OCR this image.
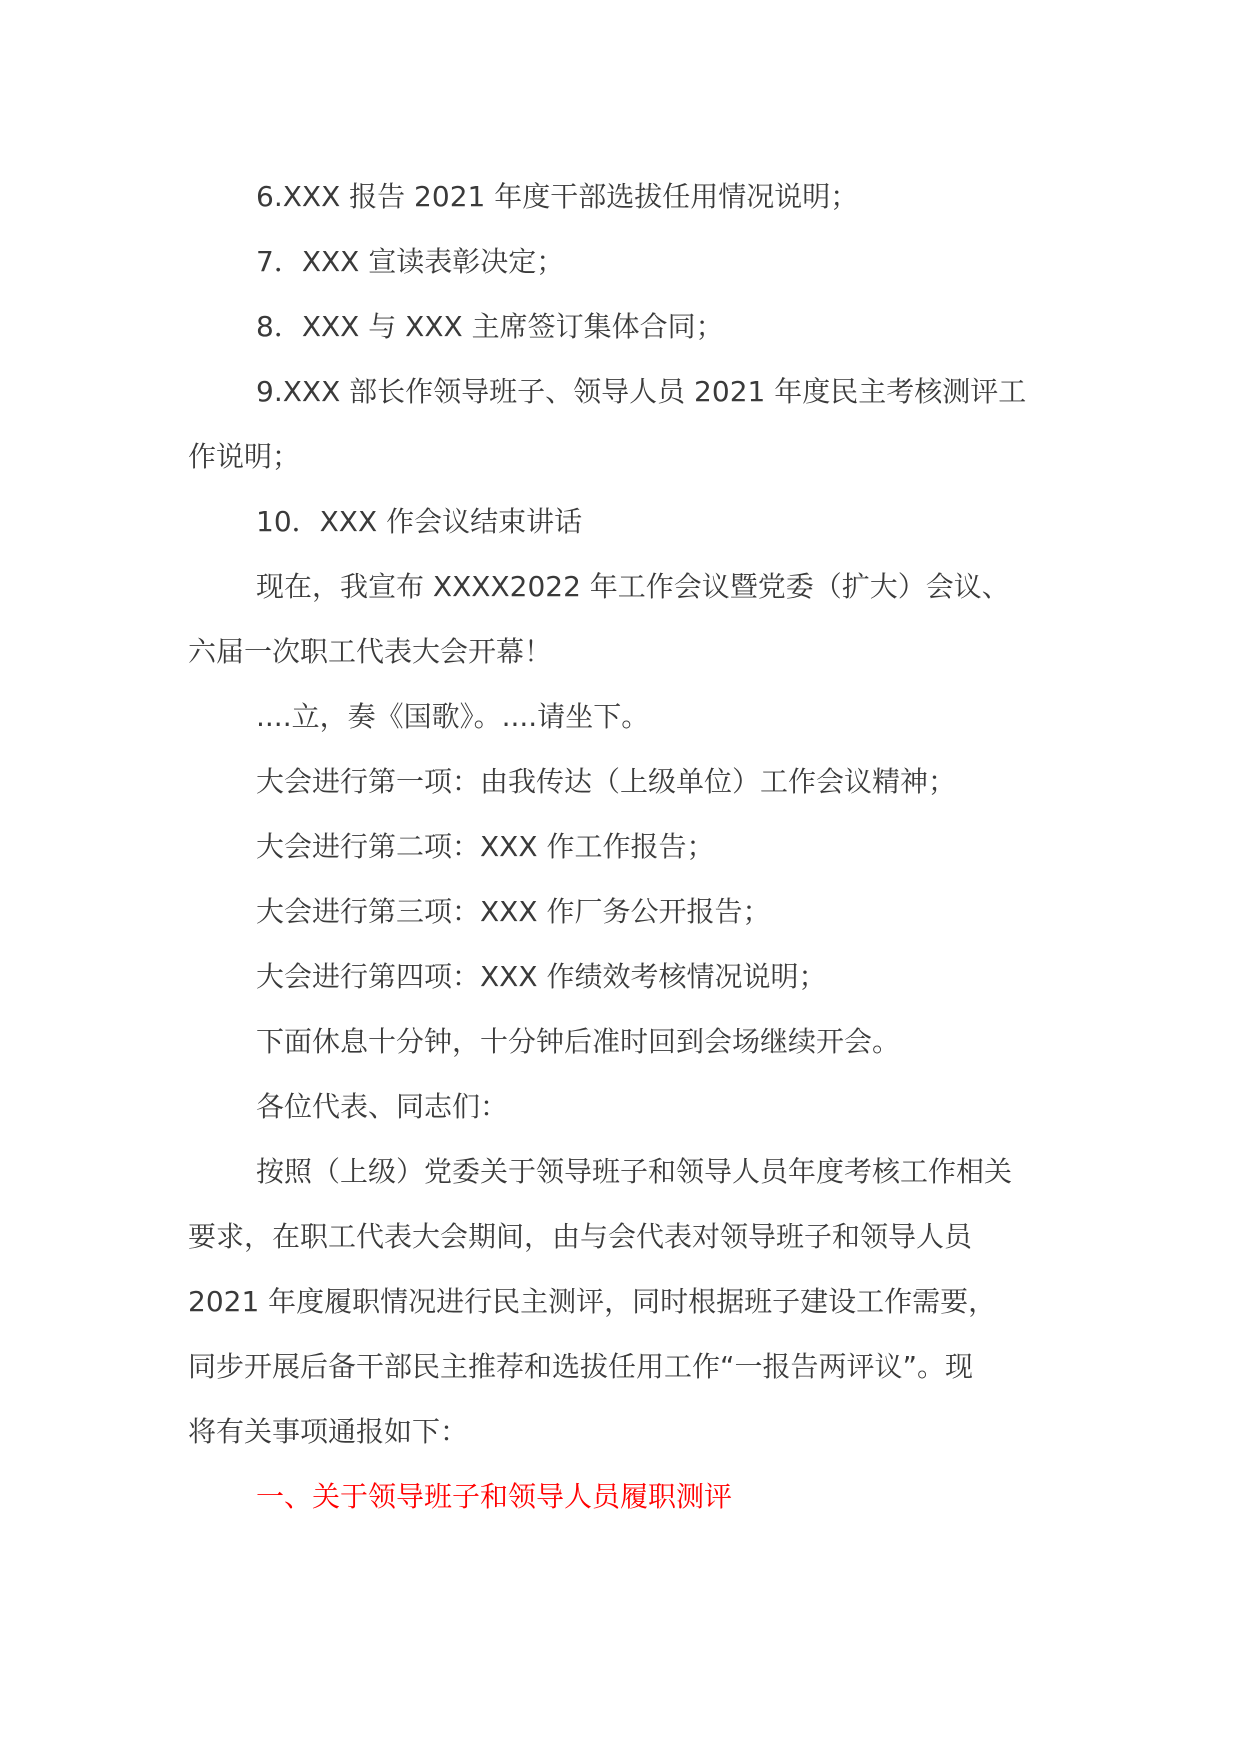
6.XXX 报告 2021 年度干部选拔任用情况说明；

7．XXX 宣读表彰决定；

8．XXX 与 XXX 主席签订集体合同；

9.XXX 部长作领导班子、领导人员 2021 年度民主考核测评工

作说明；

10．XXX 作会议结束讲话

现在，我宣布 XXXX2022 年工作会议暨党委（扩大）会议、

六届一次职工代表大会开幕！

....立，奏《国歌》。....请坐下。

大会进行第一项：由我传达（上级单位）工作会议精神；

大会进行第二项：XXX 作工作报告；

大会进行第三项：XXX 作厂务公开报告；

大会进行第四项：XXX 作绩效考核情况说明；

下面休息十分钟，十分钟后准时回到会场继续开会。

各位代表、同志们：

按照（上级）党委关于领导班子和领导人员年度考核工作相关

要求，在职工代表大会期间，由与会代表对领导班子和领导人员

2021 年度履职情况进行民主测评，同时根据班子建设工作需要，

同步开展后备干部民主推荐和选拔任用工作“一报告两评议”。现

将有关事项通报如下：

一、关于领导班子和领导人员履职测评
